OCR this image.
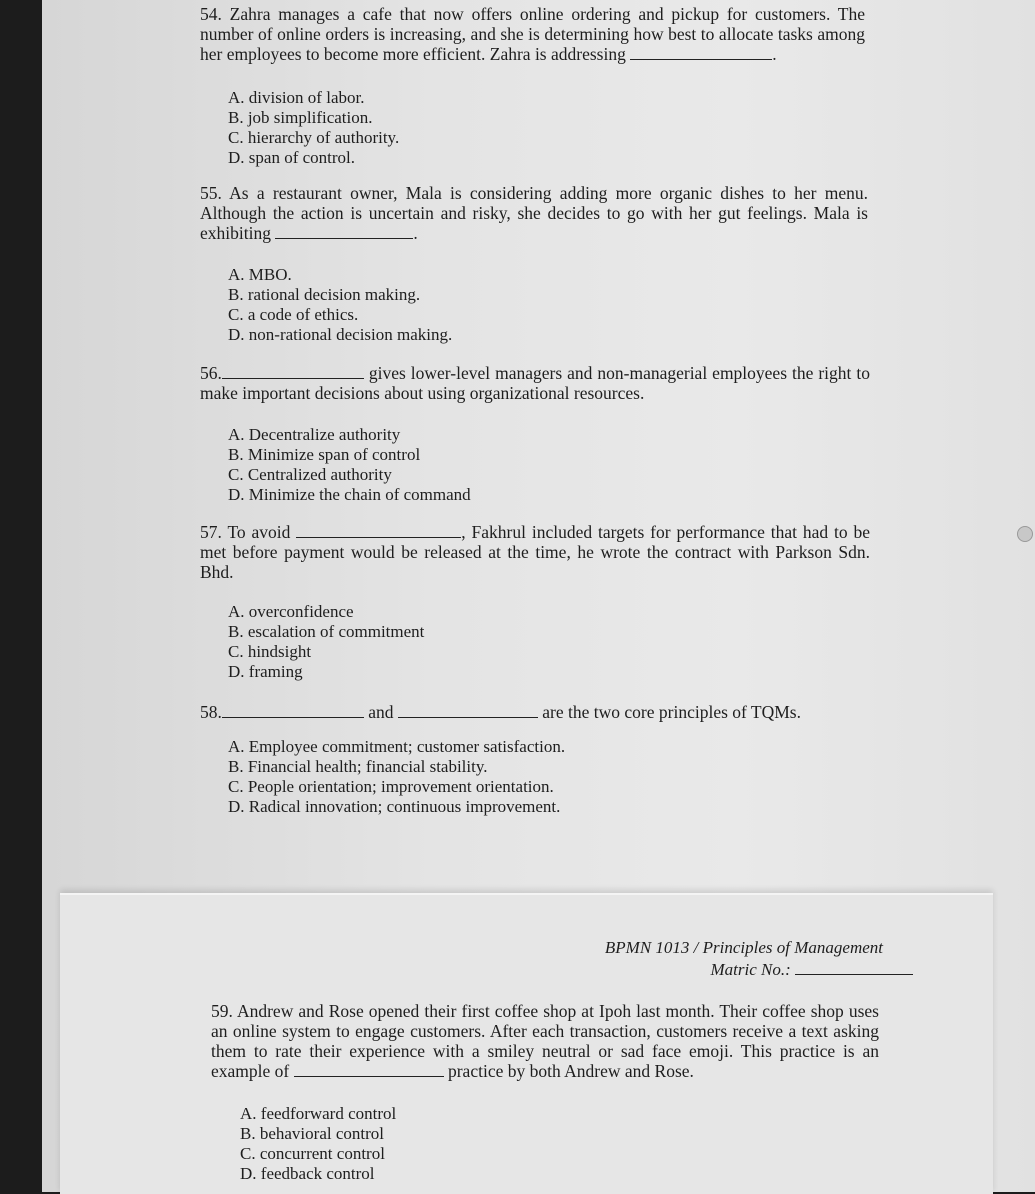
54. Zahra manages a cafe that now offers online ordering and pickup for customers. The number of online orders is increasing, and she is determining how best to allocate tasks among her employees to become more efficient. Zahra is addressing	.
A. division of labor.
B. job simplification.
C. hierarchy of authority.
D. span of control.
55. As a restaurant owner, Mala is considering adding more organic dishes to her menu. Although the action is uncertain and risky, she decides to go with her gut feelings. Mala is exhibiting	.
A. MBO.
B. rational decision making.
C. a code of ethics.
D. non-rational decision making.
56.	gives lower-level managers and non-managerial employees the right to make important decisions about using organizational resources.
A. Decentralize authority
B. Minimize span of control
C. Centralized authority
D. Minimize the chain of command
57. To avoid	, Fakhrul included targets for performance that had to be met before payment would be released at the time, he wrote the contract with Parkson Sdn. Bhd.
A. overconfidence
B. escalation of commitment
C. hindsight
D. framing
58.	and	are the two core principles of TQMs.
A. Employee commitment; customer satisfaction.
B. Financial health; financial stability.
C. People orientation; improvement orientation.
D. Radical innovation; continuous improvement.
BPMN 1013 / Principles of Management
Matric No.:
59. Andrew and Rose opened their first coffee shop at Ipoh last month. Their coffee shop uses an online system to engage customers. After each transaction, customers receive a text asking them to rate their experience with a smiley neutral or sad face emoji. This practice is an example of	practice by both Andrew and Rose.
A. feedforward control
B. behavioral control
C. concurrent control
D. feedback control
